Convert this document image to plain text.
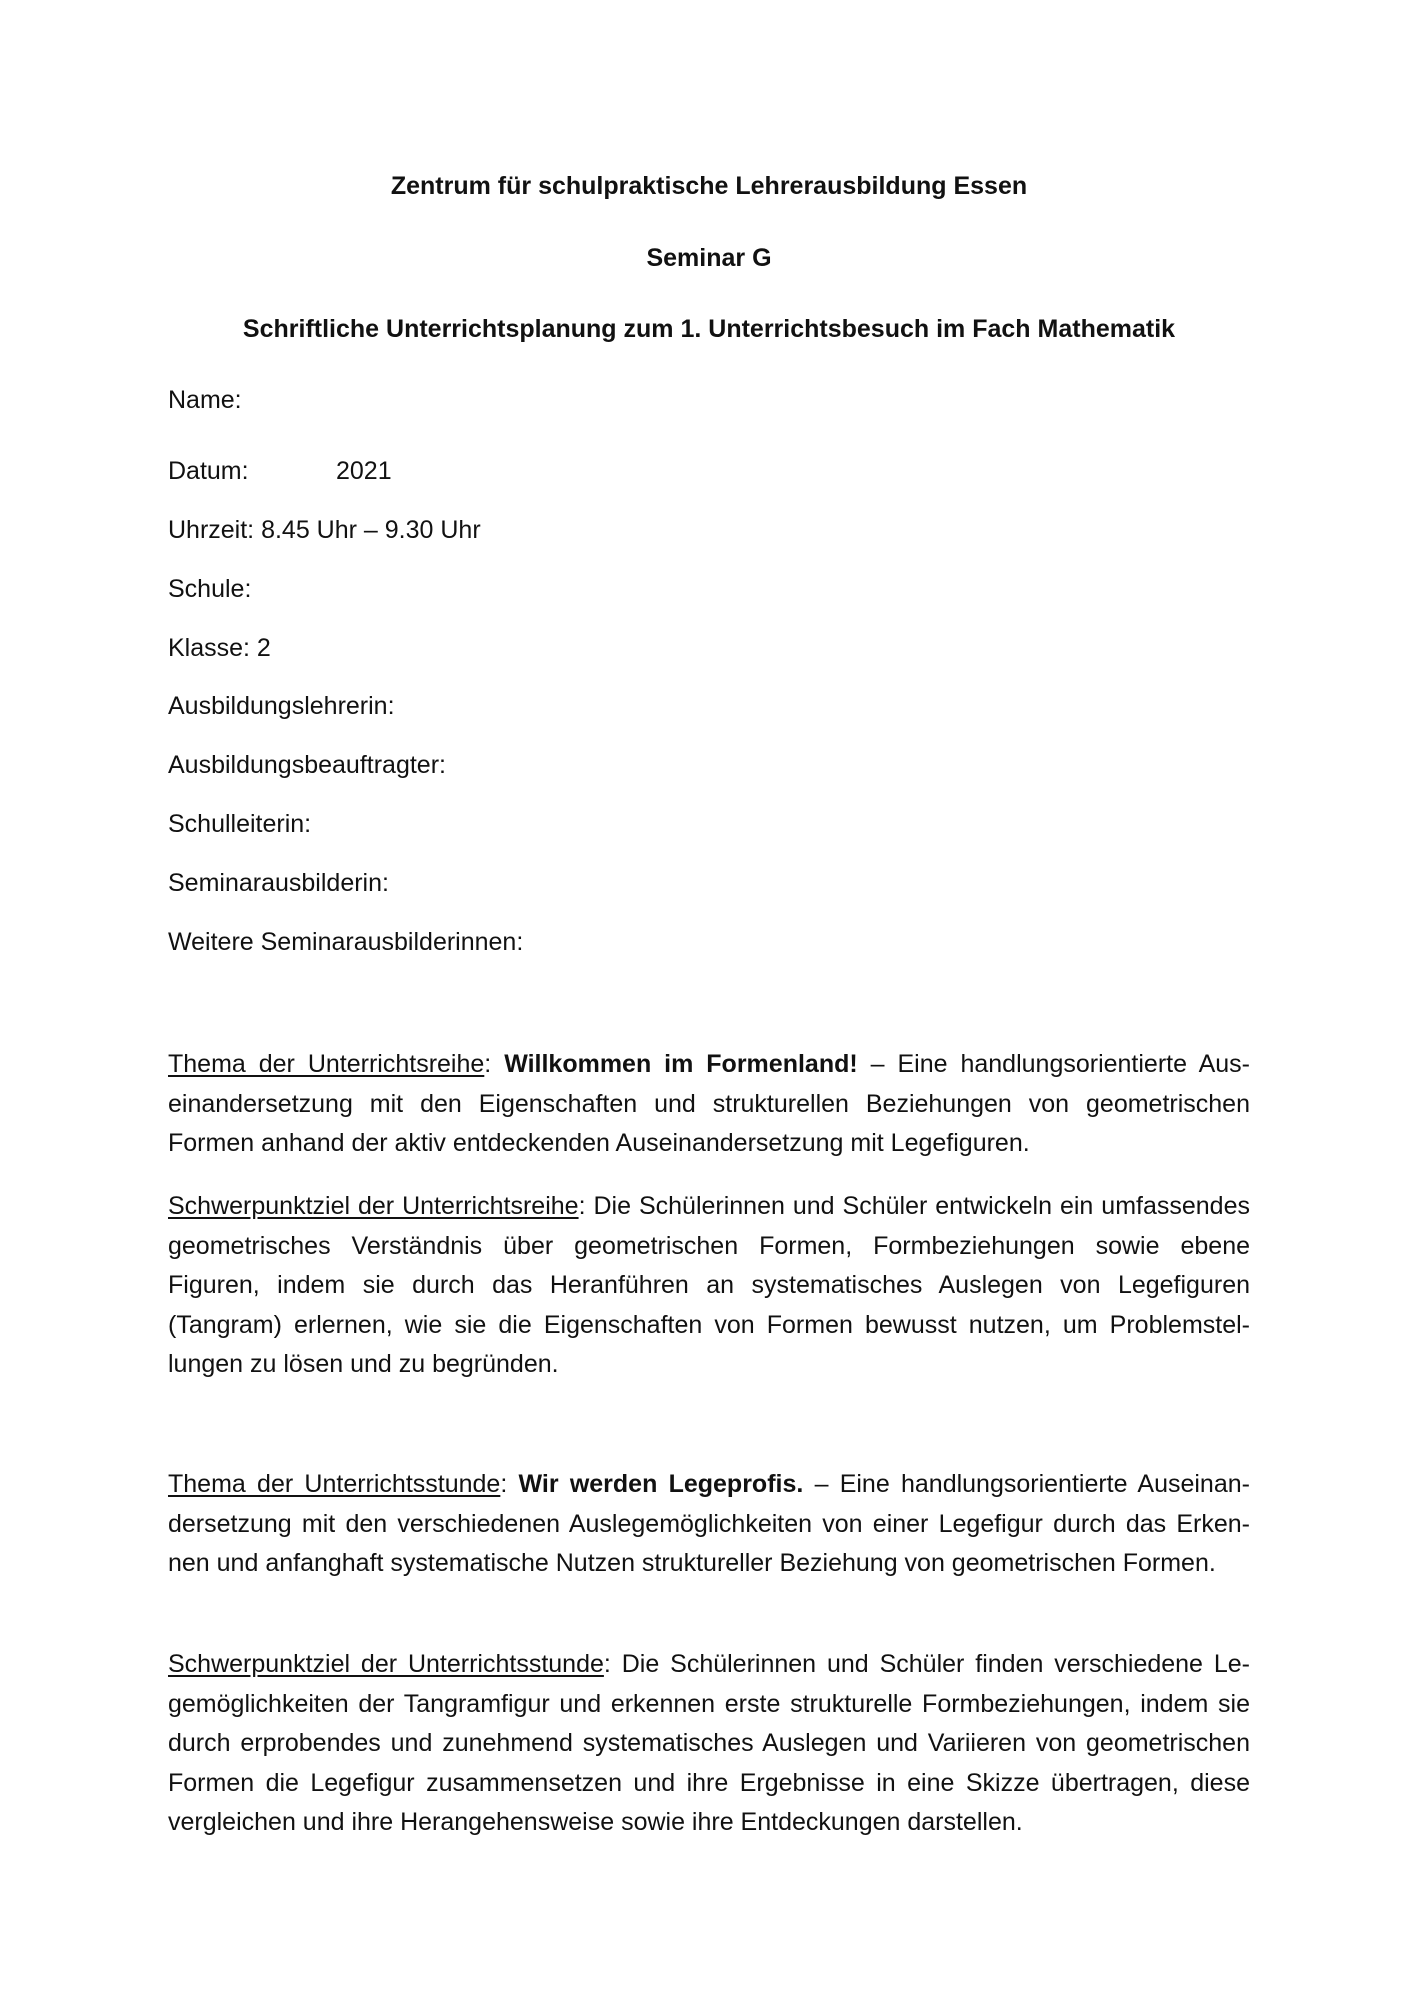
Zentrum für schulpraktische Lehrerausbildung Essen
Seminar G
Schriftliche Unterrichtsplanung zum 1. Unterrichtsbesuch im Fach Mathematik
Name:
Datum:	2021
Uhrzeit: 8.45 Uhr – 9.30 Uhr
Schule:
Klasse: 2
Ausbildungslehrerin:
Ausbildungsbeauftragter:
Schulleiterin:
Seminarausbilderin:
Weitere Seminarausbilderinnen:
Thema der Unterrichtsreihe: Willkommen im Formenland! – Eine handlungsorientierte Auseinandersetzung mit den Eigenschaften und strukturellen Beziehungen von geometrischen Formen anhand der aktiv entdeckenden Auseinandersetzung mit Legefiguren.
Schwerpunktziel der Unterrichtsreihe: Die Schülerinnen und Schüler entwickeln ein umfassendes geometrisches Verständnis über geometrischen Formen, Formbeziehungen sowie ebene Figuren, indem sie durch das Heranführen an systematisches Auslegen von Legefiguren (Tangram) erlernen, wie sie die Eigenschaften von Formen bewusst nutzen, um Problemstellungen zu lösen und zu begründen.
Thema der Unterrichtsstunde: Wir werden Legeprofis. – Eine handlungsorientierte Auseinandersetzung mit den verschiedenen Auslegemöglichkeiten von einer Legefigur durch das Erkennen und anfanghaft systematische Nutzen struktureller Beziehung von geometrischen Formen.
Schwerpunktziel der Unterrichtsstunde: Die Schülerinnen und Schüler finden verschiedene Legemöglichkeiten der Tangramfigur und erkennen erste strukturelle Formbeziehungen, indem sie durch erprobendes und zunehmend systematisches Auslegen und Variieren von geometrischen Formen die Legefigur zusammensetzen und ihre Ergebnisse in eine Skizze übertragen, diese vergleichen und ihre Herangehensweise sowie ihre Entdeckungen darstellen.
